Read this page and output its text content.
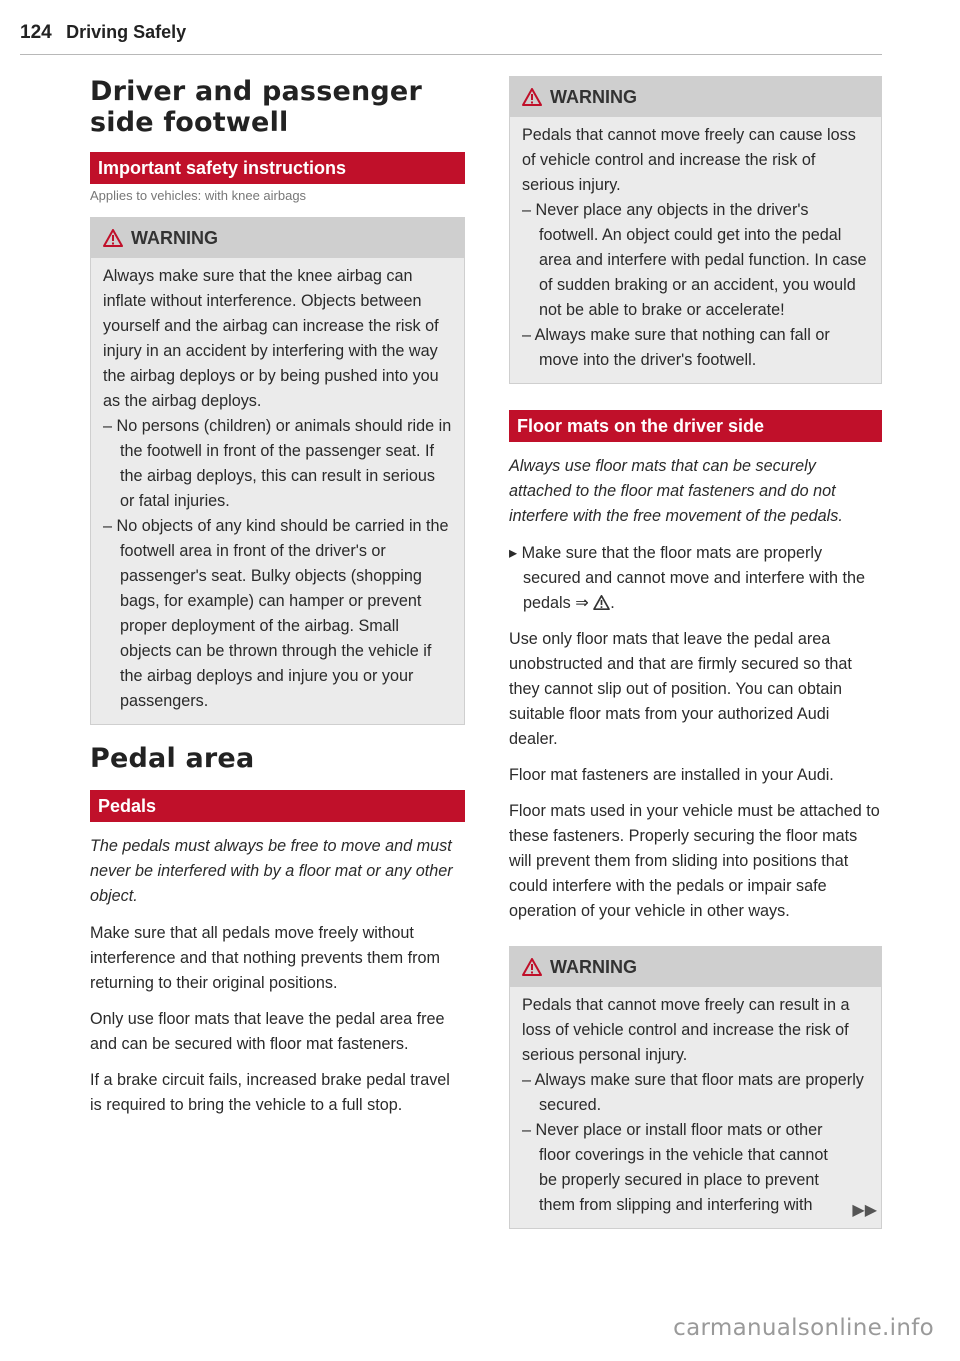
124 Driving Safely
Driver and passenger
side footwell
Important safety instructions
Applies to vehicles: with knee airbags
WARNING

Always make sure that the knee airbag can inflate without interference. Objects between yourself and the airbag can increase the risk of injury in an accident by interfering with the way the airbag deploys or by being pushed into you as the airbag deploys.

– No persons (children) or animals should ride in the footwell in front of the passenger seat. If the airbag deploys, this can result in serious or fatal injuries.

– No objects of any kind should be carried in the footwell area in front of the driver's or passenger's seat. Bulky objects (shopping bags, for example) can hamper or prevent proper deployment of the airbag. Small objects can be thrown through the vehicle if the airbag deploys and injure you or your passengers.

Pedal area
Pedals

The pedals must always be free to move and must never be interfered with by a floor mat or any other object.

Make sure that all pedals move freely without interference and that nothing prevents them from returning to their original positions.

Only use floor mats that leave the pedal area free and can be secured with floor mat fasteners.

If a brake circuit fails, increased brake pedal travel is required to bring the vehicle to a full stop.

WARNING

Pedals that cannot move freely can cause loss of vehicle control and increase the risk of serious injury.

– Never place any objects in the driver's footwell. An object could get into the pedal area and interfere with pedal function. In case of sudden braking or an accident, you would not be able to brake or accelerate!

– Always make sure that nothing can fall or move into the driver's footwell.

Floor mats on the driver side

Always use floor mats that can be securely attached to the floor mat fasteners and do not interfere with the free movement of the pedals.

▸ Make sure that the floor mats are properly secured and cannot move and interfere with the pedals ⇒ .

Use only floor mats that leave the pedal area unobstructed and that are firmly secured so that they cannot slip out of position. You can obtain suitable floor mats from your authorized Audi dealer.

Floor mat fasteners are installed in your Audi.

Floor mats used in your vehicle must be attached to these fasteners. Properly securing the floor mats will prevent them from sliding into positions that could interfere with the pedals or impair safe operation of your vehicle in other ways.

WARNING

Pedals that cannot move freely can result in a loss of vehicle control and increase the risk of serious personal injury.

– Always make sure that floor mats are properly secured.

– Never place or install floor mats or other floor coverings in the vehicle that cannot be properly secured in place to prevent them from slipping and interfering with	▶▶
carmanualsonline.info
